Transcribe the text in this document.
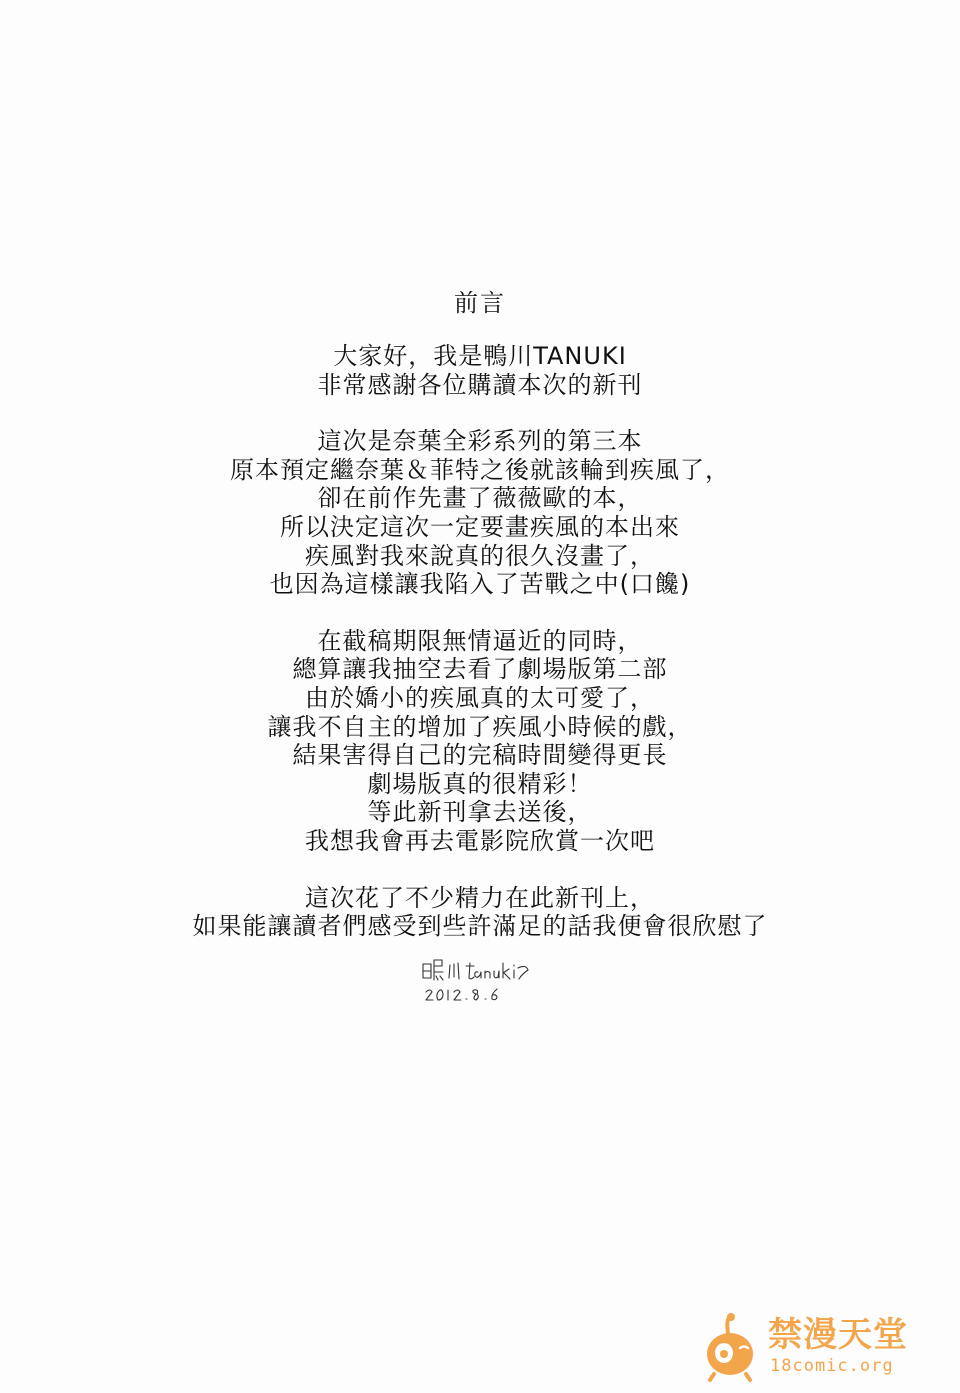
前言
大家好，我是鴨川TANUKI
非常感謝各位購讀本次的新刊
這次是奈葉全彩系列的第三本
原本預定繼奈葉＆菲特之後就該輪到疾風了，
卻在前作先畫了薇薇歐的本，
所以決定這次一定要畫疾風的本出來
疾風對我來說真的很久沒畫了，
也因為這樣讓我陷入了苦戰之中(口饞)
在截稿期限無情逼近的同時，
總算讓我抽空去看了劇場版第二部
由於嬌小的疾風真的太可愛了，
讓我不自主的增加了疾風小時候的戲，
結果害得自己的完稿時間變得更長
劇場版真的很精彩！
等此新刊拿去送後，
我想我會再去電影院欣賞一次吧
這次花了不少精力在此新刊上，
如果能讓讀者們感受到些許滿足的話我便會很欣慰了
禁漫天堂
18comic.org
